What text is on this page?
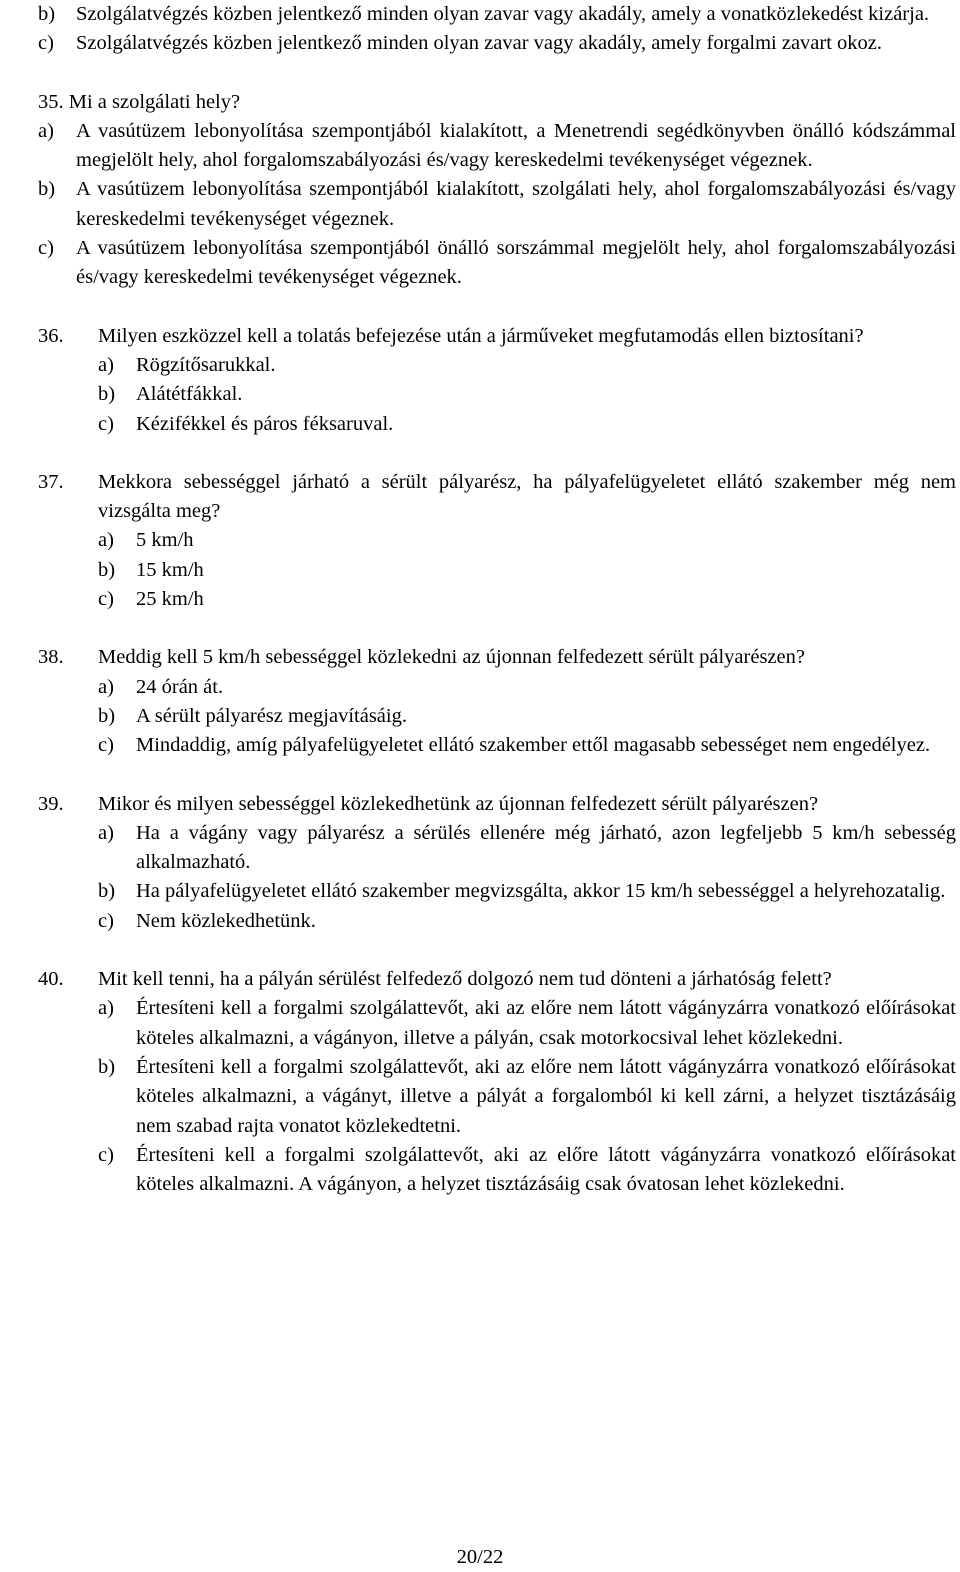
b)	Szolgálatvégzés közben jelentkező minden olyan zavar vagy akadály, amely a vonatközlekedést kizárja.
c)	Szolgálatvégzés közben jelentkező minden olyan zavar vagy akadály, amely forgalmi zavart okoz.
35. Mi a szolgálati hely?
a)	A vasútüzem lebonyolítása szempontjából kialakított, a Menetrendi segédkönyvben önálló kódszámmal megjelölt hely, ahol forgalomszabályozási és/vagy kereskedelmi tevékenységet végeznek.
b)	A vasútüzem lebonyolítása szempontjából kialakított, szolgálati hely, ahol forgalomszabályozási és/vagy kereskedelmi tevékenységet végeznek.
c)	A vasútüzem lebonyolítása szempontjából önálló sorszámmal megjelölt hely, ahol forgalomszabályozási és/vagy kereskedelmi tevékenységet végeznek.
36.	Milyen eszközzel kell a tolatás befejezése után a járműveket megfutamodás ellen biztosítani?
a)	Rögzítősarukkal.
b)	Alátétfákkal.
c)	Kézifékkel és páros féksaruval.
37.	Mekkora sebességgel járható a sérült pályarész, ha pályafelügyeletet ellátó szakember még nem vizsgálta meg?
a)	5 km/h
b)	15 km/h
c)	25 km/h
38.	Meddig kell 5 km/h sebességgel közlekedni az újonnan felfedezett sérült pályarészen?
a)	24 órán át.
b)	A sérült pályarész megjavításáig.
c)	Mindaddig, amíg pályafelügyeletet ellátó szakember ettől magasabb sebességet nem engedélyez.
39.	Mikor és milyen sebességgel közlekedhetünk az újonnan felfedezett sérült pályarészen?
a)	Ha a vágány vagy pályarész a sérülés ellenére még járható, azon legfeljebb 5 km/h sebesség alkalmazható.
b)	Ha pályafelügyeletet ellátó szakember megvizsgálta, akkor 15 km/h sebességgel a helyrehozatalig.
c)	Nem közlekedhetünk.
40.	Mit kell tenni, ha a pályán sérülést felfedező dolgozó nem tud dönteni a járhatóság felett?
a)	Értesíteni kell a forgalmi szolgálattevőt, aki az előre nem látott vágányzárra vonatkozó előírásokat köteles alkalmazni, a vágányon, illetve a pályán, csak motorkocsival lehet közlekedni.
b)	Értesíteni kell a forgalmi szolgálattevőt, aki az előre nem látott vágányzárra vonatkozó előírásokat köteles alkalmazni, a vágányt, illetve a pályát a forgalomból ki kell zárni, a helyzet tisztázásáig nem szabad rajta vonatot közlekedtetni.
c)	Értesíteni kell a forgalmi szolgálattevőt, aki az előre látott vágányzárra vonatkozó előírásokat köteles alkalmazni. A vágányon, a helyzet tisztázásáig csak óvatosan lehet közlekedni.
20/22
